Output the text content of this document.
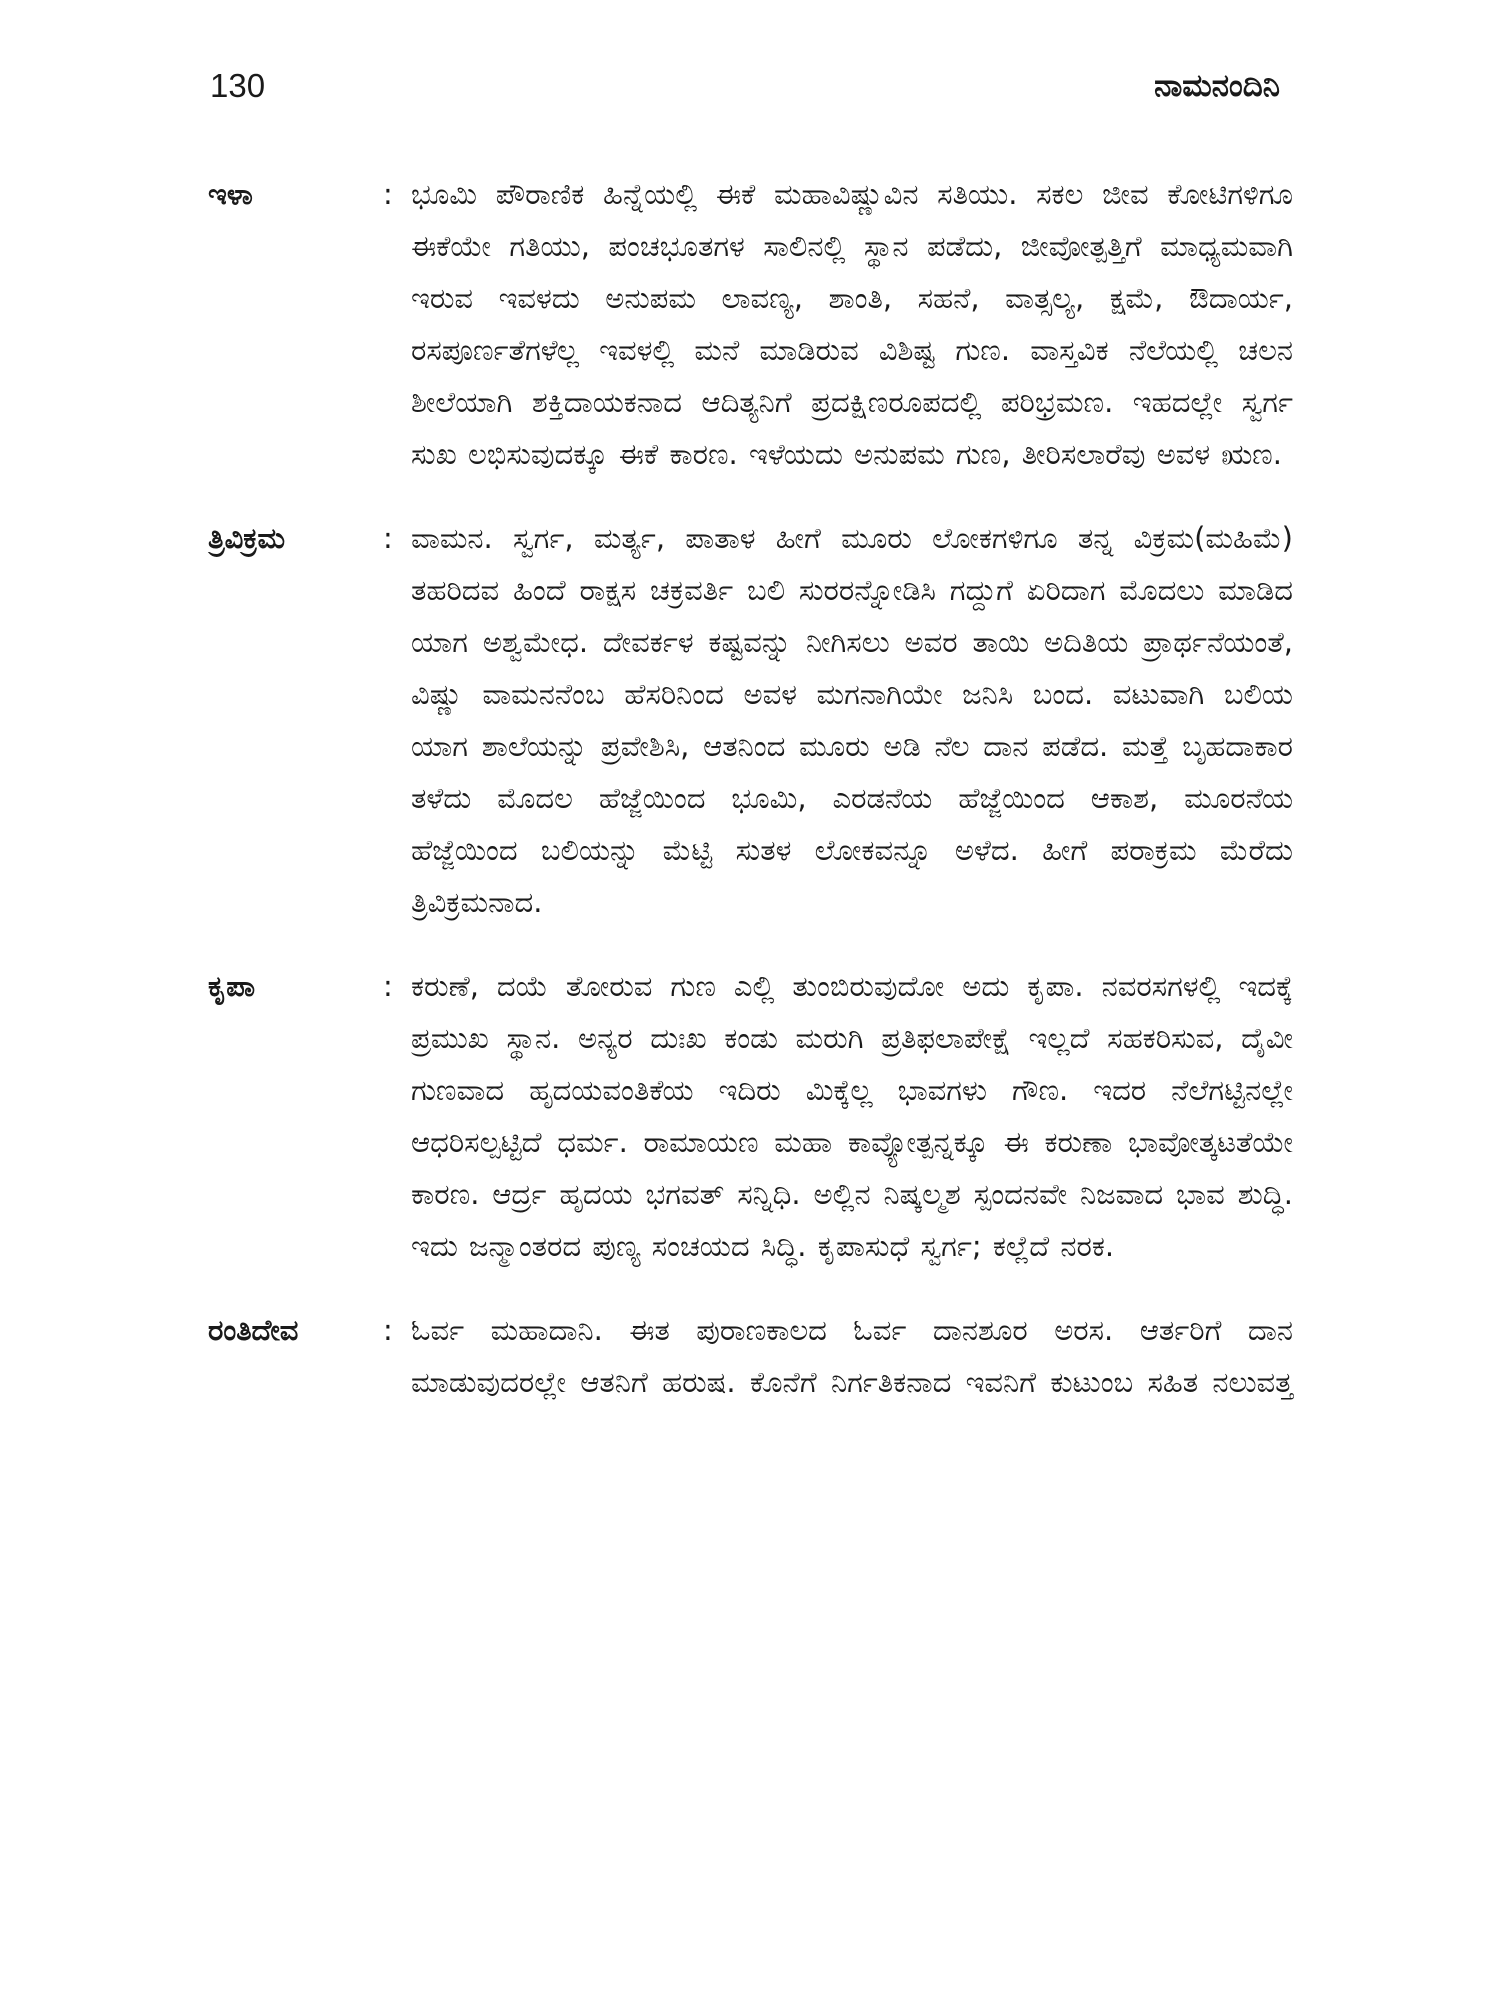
130	ನಾಮನಂದಿನಿ
ಇಳಾ	: ಭೂಮಿ ಪೌರಾಣಿಕ ಹಿನ್ನೆಯಲ್ಲಿ ಈಕೆ ಮಹಾವಿಷ್ಣುವಿನ ಸತಿಯು. ಸಕಲ ಜೀವ ಕೋಟಿಗಳಿಗೂ ಈಕೆಯೇ ಗತಿಯು, ಪಂಚಭೂತಗಳ ಸಾಲಿನಲ್ಲಿ ಸ್ಥಾನ ಪಡೆದು, ಜೀವೋತ್ಪತ್ತಿಗೆ ಮಾಧ್ಯಮವಾಗಿ ಇರುವ ಇವಳದು ಅನುಪಮ ಲಾವಣ್ಯ, ಶಾಂತಿ, ಸಹನೆ, ವಾತ್ಸಲ್ಯ, ಕ್ಷಮೆ, ಔದಾರ್ಯ, ರಸಪೂರ್ಣತೆಗಳೆಲ್ಲ ಇವಳಲ್ಲಿ ಮನೆ ಮಾಡಿರುವ ವಿಶಿಷ್ಟ ಗುಣ. ವಾಸ್ತವಿಕ ನೆಲೆಯಲ್ಲಿ ಚಲನ ಶೀಲೆಯಾಗಿ ಶಕ್ತಿದಾಯಕನಾದ ಆದಿತ್ಯನಿಗೆ ಪ್ರದಕ್ಷಿಣರೂಪದಲ್ಲಿ ಪರಿಭ್ರಮಣ. ಇಹದಲ್ಲೇ ಸ್ವರ್ಗ ಸುಖ ಲಭಿಸುವುದಕ್ಕೂ ಈಕೆ ಕಾರಣ. ಇಳೆಯದು ಅನುಪಮ ಗುಣ, ತೀರಿಸಲಾರೆವು ಅವಳ ಋಣ.
ತ್ರಿವಿಕ್ರಮ	: ವಾಮನ. ಸ್ವರ್ಗ, ಮರ್ತ್ಯ, ಪಾತಾಳ ಹೀಗೆ ಮೂರು ಲೋಕಗಳಿಗೂ ತನ್ನ ವಿಕ್ರಮ(ಮಹಿಮೆ) ತಹರಿದವ ಹಿಂದೆ ರಾಕ್ಷಸ ಚಕ್ರವರ್ತಿ ಬಲಿ ಸುರರನ್ನೋಡಿಸಿ ಗದ್ದುಗೆ ಏರಿದಾಗ ಮೊದಲು ಮಾಡಿದ ಯಾಗ ಅಶ್ವಮೇಧ. ದೇವರ್ಕಳ ಕಷ್ಟವನ್ನು ನೀಗಿಸಲು ಅವರ ತಾಯಿ ಅದಿತಿಯ ಪ್ರಾರ್ಥನೆಯಂತೆ, ವಿಷ್ಣು ವಾಮನನೆಂಬ ಹೆಸರಿನಿಂದ ಅವಳ ಮಗನಾಗಿಯೇ ಜನಿಸಿ ಬಂದ. ವಟುವಾಗಿ ಬಲಿಯ ಯಾಗ ಶಾಲೆಯನ್ನು ಪ್ರವೇಶಿಸಿ, ಆತನಿಂದ ಮೂರು ಅಡಿ ನೆಲ ದಾನ ಪಡೆದ. ಮತ್ತೆ ಬೃಹದಾಕಾರ ತಳೆದು ಮೊದಲ ಹೆಜ್ಜೆಯಿಂದ ಭೂಮಿ, ಎರಡನೆಯ ಹೆಜ್ಜೆಯಿಂದ ಆಕಾಶ, ಮೂರನೆಯ ಹೆಜ್ಜೆಯಿಂದ ಬಲಿಯನ್ನು ಮೆಟ್ಟಿ ಸುತಳ ಲೋಕವನ್ನೂ ಅಳೆದ. ಹೀಗೆ ಪರಾಕ್ರಮ ಮೆರೆದು ತ್ರಿವಿಕ್ರಮನಾದ.
ಕೃಪಾ	: ಕರುಣೆ, ದಯೆ ತೋರುವ ಗುಣ ಎಲ್ಲಿ ತುಂಬಿರುವುದೋ ಅದು ಕೃಪಾ. ನವರಸಗಳಲ್ಲಿ ಇದಕ್ಕೆ ಪ್ರಮುಖ ಸ್ಥಾನ. ಅನ್ಯರ ದುಃಖ ಕಂಡು ಮರುಗಿ ಪ್ರತಿಫಲಾಪೇಕ್ಷೆ ಇಲ್ಲದೆ ಸಹಕರಿಸುವ, ದೈವೀ ಗುಣವಾದ ಹೃದಯವಂತಿಕೆಯ ಇದಿರು ಮಿಕ್ಕೆಲ್ಲ ಭಾವಗಳು ಗೌಣ. ಇದರ ನೆಲೆಗಟ್ಟಿನಲ್ಲೇ ಆಧರಿಸಲ್ಪಟ್ಟಿದೆ ಧರ್ಮ. ರಾಮಾಯಣ ಮಹಾ ಕಾವ್ಯೋತ್ಪನ್ನಕ್ಕೂ ಈ ಕರುಣಾ ಭಾವೋತ್ಕಟತೆಯೇ ಕಾರಣ. ಆರ್ದ್ರ ಹೃದಯ ಭಗವತ್ ಸನ್ನಿಧಿ. ಅಲ್ಲಿನ ನಿಷ್ಕಲ್ಮಶ ಸ್ಪಂದನವೇ ನಿಜವಾದ ಭಾವ ಶುದ್ಧಿ. ಇದು ಜನ್ಮಾಂತರದ ಪುಣ್ಯ ಸಂಚಯದ ಸಿದ್ಧಿ. ಕೃಪಾಸುಧೆ ಸ್ವರ್ಗ; ಕಲ್ಲೆದೆ ನರಕ.
ರಂತಿದೇವ	: ಓರ್ವ ಮಹಾದಾನಿ. ಈತ ಪುರಾಣಕಾಲದ ಓರ್ವ ದಾನಶೂರ ಅರಸ. ಆರ್ತರಿಗೆ ದಾನ ಮಾಡುವುದರಲ್ಲೇ ಆತನಿಗೆ ಹರುಷ. ಕೊನೆಗೆ ನಿರ್ಗತಿಕನಾದ ಇವನಿಗೆ ಕುಟುಂಬ ಸಹಿತ ನಲುವತ್ತ
